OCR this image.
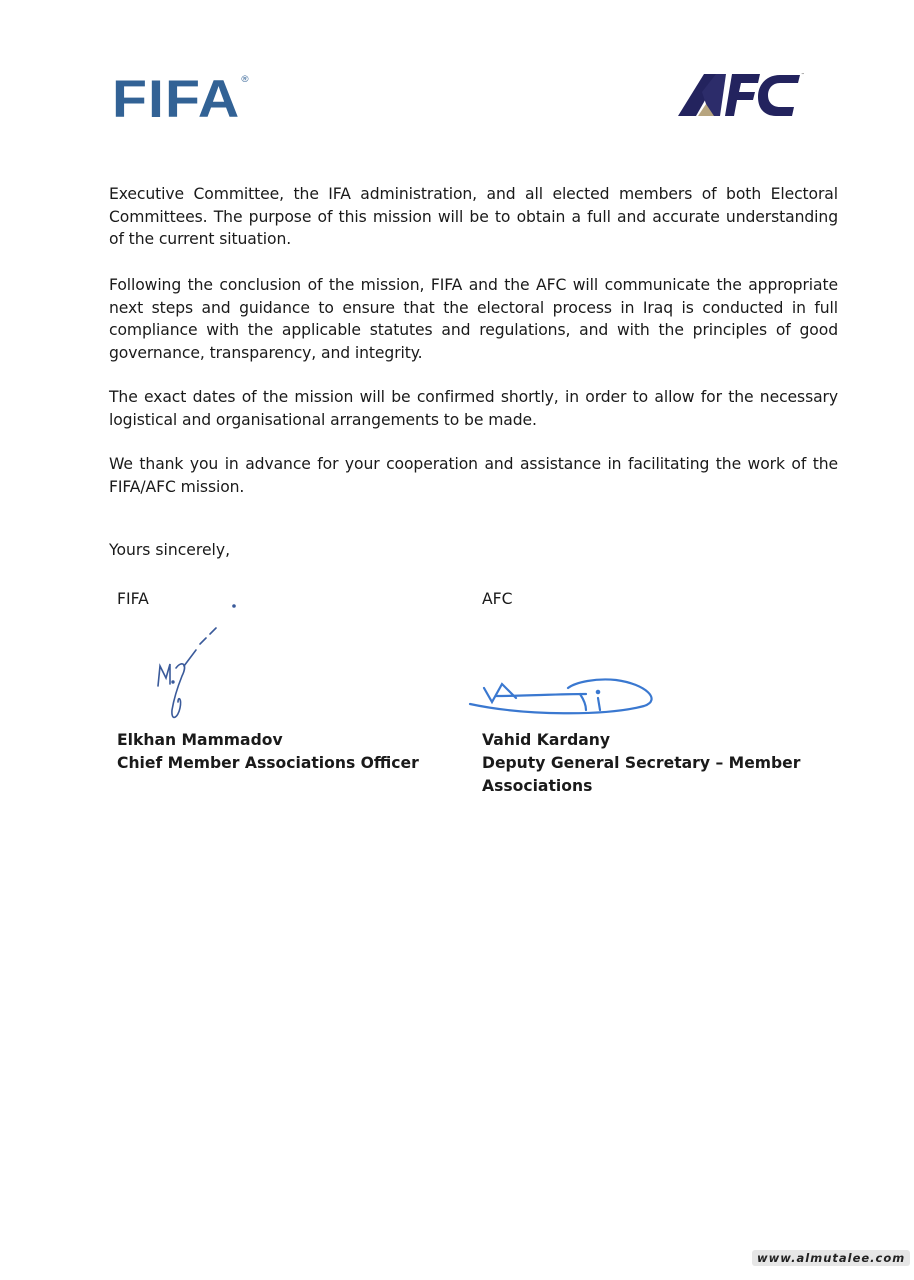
FIFA®	™

Executive Committee, the IFA administration, and all elected members of both Electoral Committees. The purpose of this mission will be to obtain a full and accurate understanding of the current situation.

Following the conclusion of the mission, FIFA and the AFC will communicate the appropriate next steps and guidance to ensure that the electoral process in Iraq is conducted in full compliance with the applicable statutes and regulations, and with the principles of good governance, transparency, and integrity.

The exact dates of the mission will be confirmed shortly, in order to allow for the necessary logistical and organisational arrangements to be made.

We thank you in advance for your cooperation and assistance in facilitating the work of the FIFA/AFC mission.

Yours sincerely,
FIFA	AFC
Elkhan Mammadov
Chief Member Associations Officer
Vahid Kardany
Deputy General Secretary – Member Associations
www.almutalee.com
